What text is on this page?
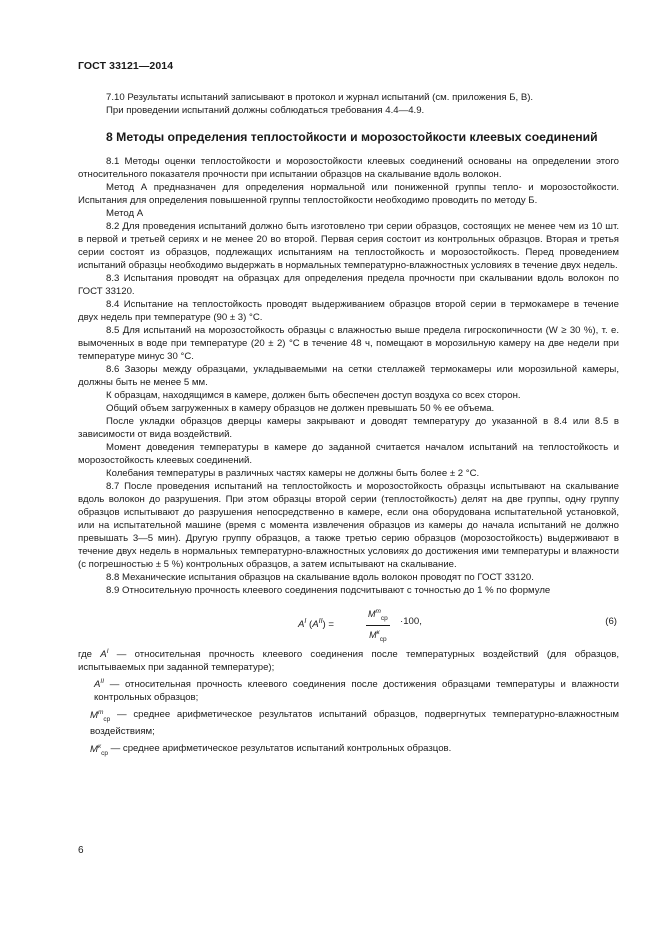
ГОСТ 33121—2014

7.10 Результаты испытаний записывают в протокол и журнал испытаний (см. приложения Б, В).

При проведении испытаний должны соблюдаться требования 4.4—4.9.

8 Методы определения теплостойкости и морозостойкости клеевых соединений

8.1 Методы оценки теплостойкости и морозостойкости клеевых соединений основаны на определении этого относительного показателя прочности при испытании образцов на скалывание вдоль волокон.

Метод А предназначен для определения нормальной или пониженной группы тепло- и морозостойкости. Испытания для определения повышенной группы теплостойкости необходимо проводить по методу Б.

Метод А

8.2 Для проведения испытаний должно быть изготовлено три серии образцов, состоящих не менее чем из 10 шт. в первой и третьей сериях и не менее 20 во второй. Первая серия состоит из контрольных образцов. Вторая и третья серии состоят из образцов, подлежащих испытаниям на теплостойкость и морозостойкость. Перед проведением испытаний образцы необходимо выдержать в нормальных температурно-влажностных условиях в течение двух недель.

8.3 Испытания проводят на образцах для определения предела прочности при скалывании вдоль волокон по ГОСТ 33120.

8.4 Испытание на теплостойкость проводят выдерживанием образцов второй серии в термокамере в течение двух недель при температуре (90 ± 3) °С.

8.5 Для испытаний на морозостойкость образцы с влажностью выше предела гигроскопичности (W ≥ 30 %), т. е. вымоченных в воде при температуре (20 ± 2) °С в течение 48 ч, помещают в морозильную камеру на две недели при температуре минус 30 °С.

8.6 Зазоры между образцами, укладываемыми на сетки стеллажей термокамеры или морозильной камеры, должны быть не менее 5 мм.

К образцам, находящимся в камере, должен быть обеспечен доступ воздуха со всех сторон.

Общий объем загруженных в камеру образцов не должен превышать 50 % ее объема.

После укладки образцов дверцы камеры закрывают и доводят температуру до указанной в 8.4 или 8.5 в зависимости от вида воздействий.

Момент доведения температуры в камере до заданной считается началом испытаний на теплостойкость и морозостойкость клеевых соединений.

Колебания температуры в различных частях камеры не должны быть более ± 2 °С.

8.7 После проведения испытаний на теплостойкость и морозостойкость образцы испытывают на скалывание вдоль волокон до разрушения. При этом образцы второй серии (теплостойкость) делят на две группы, одну группу образцов испытывают до разрушения непосредственно в камере, если она оборудована испытательной установкой, или на испытательной машине (время с момента извлечения образцов из камеры до начала испытаний не должно превышать 3—5 мин). Другую группу образцов, а также третью серию образцов (морозостойкость) выдерживают в течение двух недель в нормальных температурно-влажностных условиях до достижения ими температуры и влажности (с погрешностью ± 5 %) контрольных образцов, а затем испытывают на скалывание.

8.8 Механические испытания образцов на скалывание вдоль волокон проводят по ГОСТ 33120.

8.9 Относительную прочность клеевого соединения подсчитывают с точностью до 1 % по формуле

$A^I$ $(A^{II})$ =
$M^т_{ср}$
$M^к_{ср}$
·100,	(6)
где $A^I$ — относительная прочность клеевого соединения после температурных воздействий (для образцов, испытываемых при заданной температуре);
$A^{II}$ — относительная прочность клеевого соединения после достижения образцами температуры и влажности контрольных образцов;
$M^т_{ср}$ — среднее арифметическое результатов испытаний образцов, подвергнутых температурно-влажностным воздействиям;
$M^к_{ср}$ — среднее арифметическое результатов испытаний контрольных образцов.
6
